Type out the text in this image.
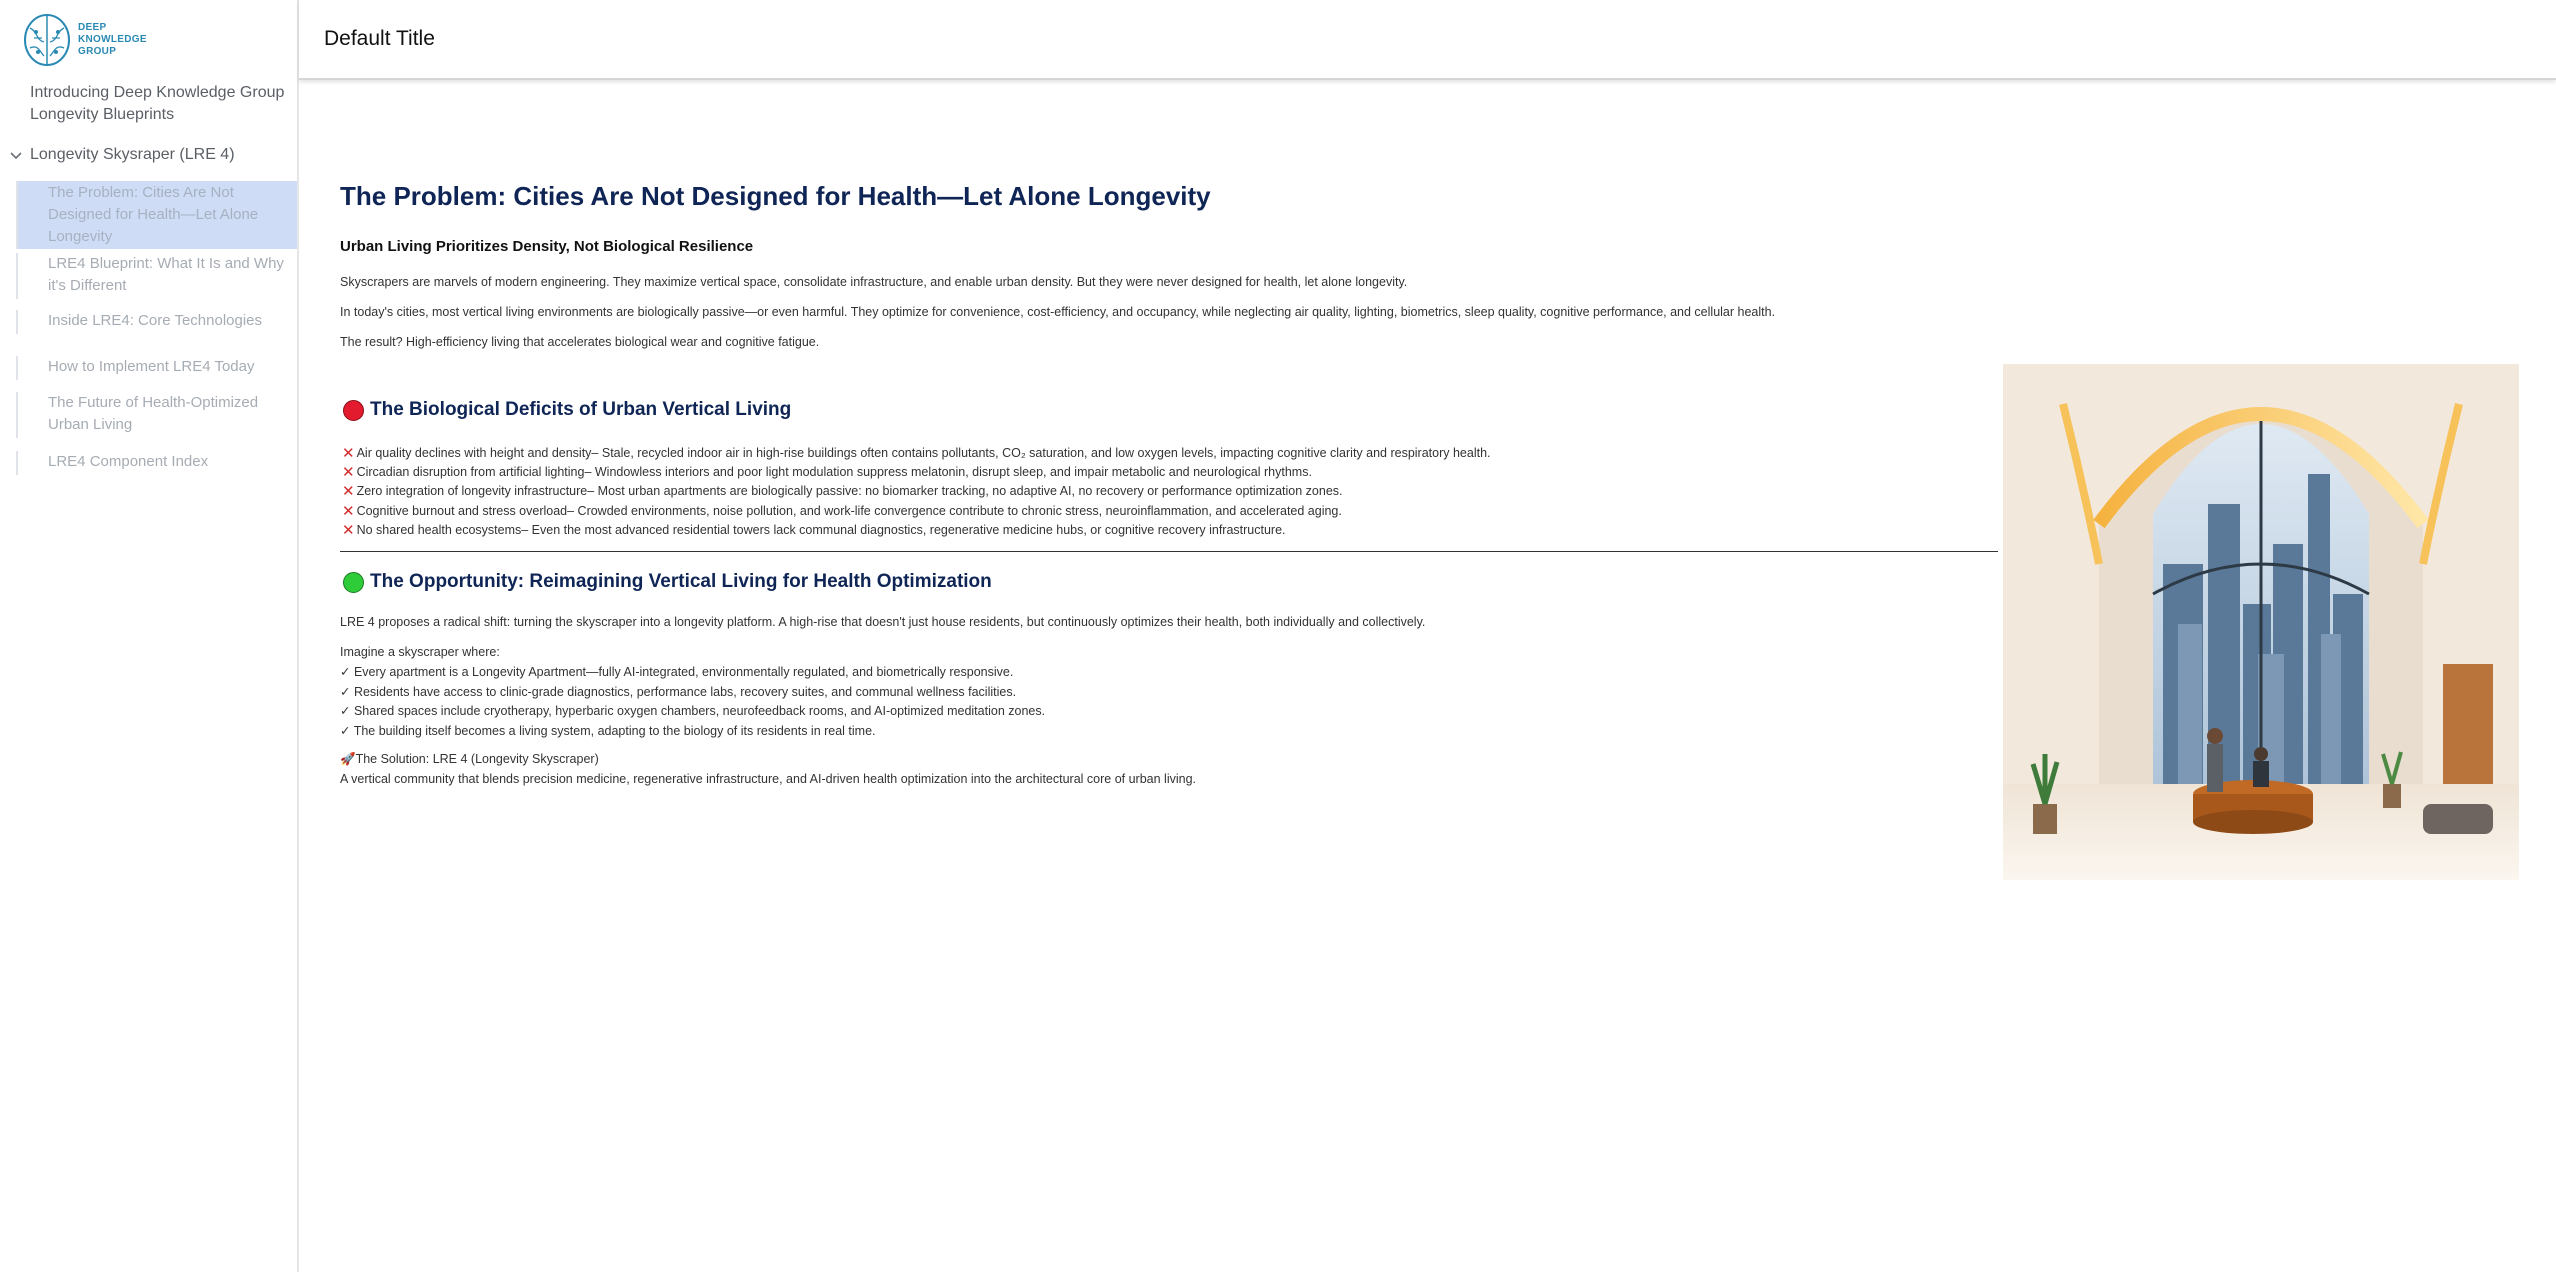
DEEP
KNOWLEDGE
GROUP
Introducing Deep Knowledge Group Longevity Blueprints
Longevity Skysraper (LRE 4)
The Problem: Cities Are Not Designed for Health—Let Alone Longevity
LRE4 Blueprint: What It Is and Why it's Different
Inside LRE4: Core Technologies
How to Implement LRE4 Today
The Future of Health-Optimized Urban Living
LRE4 Component Index
Default Title
The Problem: Cities Are Not Designed for Health—Let Alone Longevity
Urban Living Prioritizes Density, Not Biological Resilience
Skyscrapers are marvels of modern engineering. They maximize vertical space, consolidate infrastructure, and enable urban density. But they were never designed for health, let alone longevity.
In today's cities, most vertical living environments are biologically passive—or even harmful. They optimize for convenience, cost-efficiency, and occupancy, while neglecting air quality, lighting, biometrics, sleep quality, cognitive performance, and cellular health.
The result? High-efficiency living that accelerates biological wear and cognitive fatigue.
The Biological Deficits of Urban Vertical Living
✕ Air quality declines with height and density– Stale, recycled indoor air in high-rise buildings often contains pollutants, CO₂ saturation, and low oxygen levels, impacting cognitive clarity and respiratory health.
✕ Circadian disruption from artificial lighting– Windowless interiors and poor light modulation suppress melatonin, disrupt sleep, and impair metabolic and neurological rhythms.
✕ Zero integration of longevity infrastructure– Most urban apartments are biologically passive: no biomarker tracking, no adaptive AI, no recovery or performance optimization zones.
✕ Cognitive burnout and stress overload– Crowded environments, noise pollution, and work-life convergence contribute to chronic stress, neuroinflammation, and accelerated aging.
✕ No shared health ecosystems– Even the most advanced residential towers lack communal diagnostics, regenerative medicine hubs, or cognitive recovery infrastructure.
The Opportunity: Reimagining Vertical Living for Health Optimization
LRE 4 proposes a radical shift: turning the skyscraper into a longevity platform. A high-rise that doesn't just house residents, but continuously optimizes their health, both individually and collectively.
Imagine a skyscraper where:
✓ Every apartment is a Longevity Apartment—fully AI-integrated, environmentally regulated, and biometrically responsive.
✓ Residents have access to clinic-grade diagnostics, performance labs, recovery suites, and communal wellness facilities.
✓ Shared spaces include cryotherapy, hyperbaric oxygen chambers, neurofeedback rooms, and AI-optimized meditation zones.
✓ The building itself becomes a living system, adapting to the biology of its residents in real time.
🚀The Solution: LRE 4 (Longevity Skyscraper)
A vertical community that blends precision medicine, regenerative infrastructure, and AI-driven health optimization into the architectural core of urban living.
